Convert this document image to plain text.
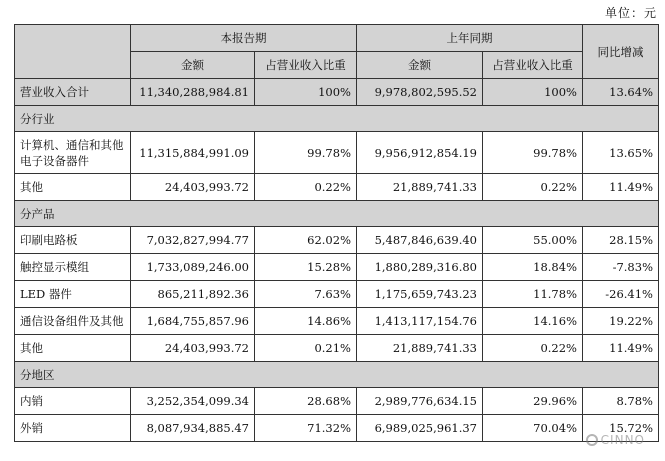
单位：元
	本报告期		上年同期		同比增减
	金额	占营业收入比重	金额	占营业收入比重	
营业收入合计	11,340,288,984.81	100%	9,978,802,595.52	100%	13.64%
分行业					
计算机、通信和其他电子设备器件	11,315,884,991.09	99.78%	9,956,912,854.19	99.78%	13.65%
其他	24,403,993.72	0.22%	21,889,741.33	0.22%	11.49%
分产品					
印刷电路板	7,032,827,994.77	62.02%	5,487,846,639.40	55.00%	28.15%
触控显示模组	1,733,089,246.00	15.28%	1,880,289,316.80	18.84%	-7.83%
LED 器件	865,211,892.36	7.63%	1,175,659,743.23	11.78%	-26.41%
通信设备组件及其他	1,684,755,857.96	14.86%	1,413,117,154.76	14.16%	19.22%
其他	24,403,993.72	0.21%	21,889,741.33	0.22%	11.49%
分地区					
内销	3,252,354,099.34	28.68%	2,989,776,634.15	29.96%	8.78%
外销	8,087,934,885.47	71.32%	6,989,025,961.37	70.04%	15.72%
CINNO
